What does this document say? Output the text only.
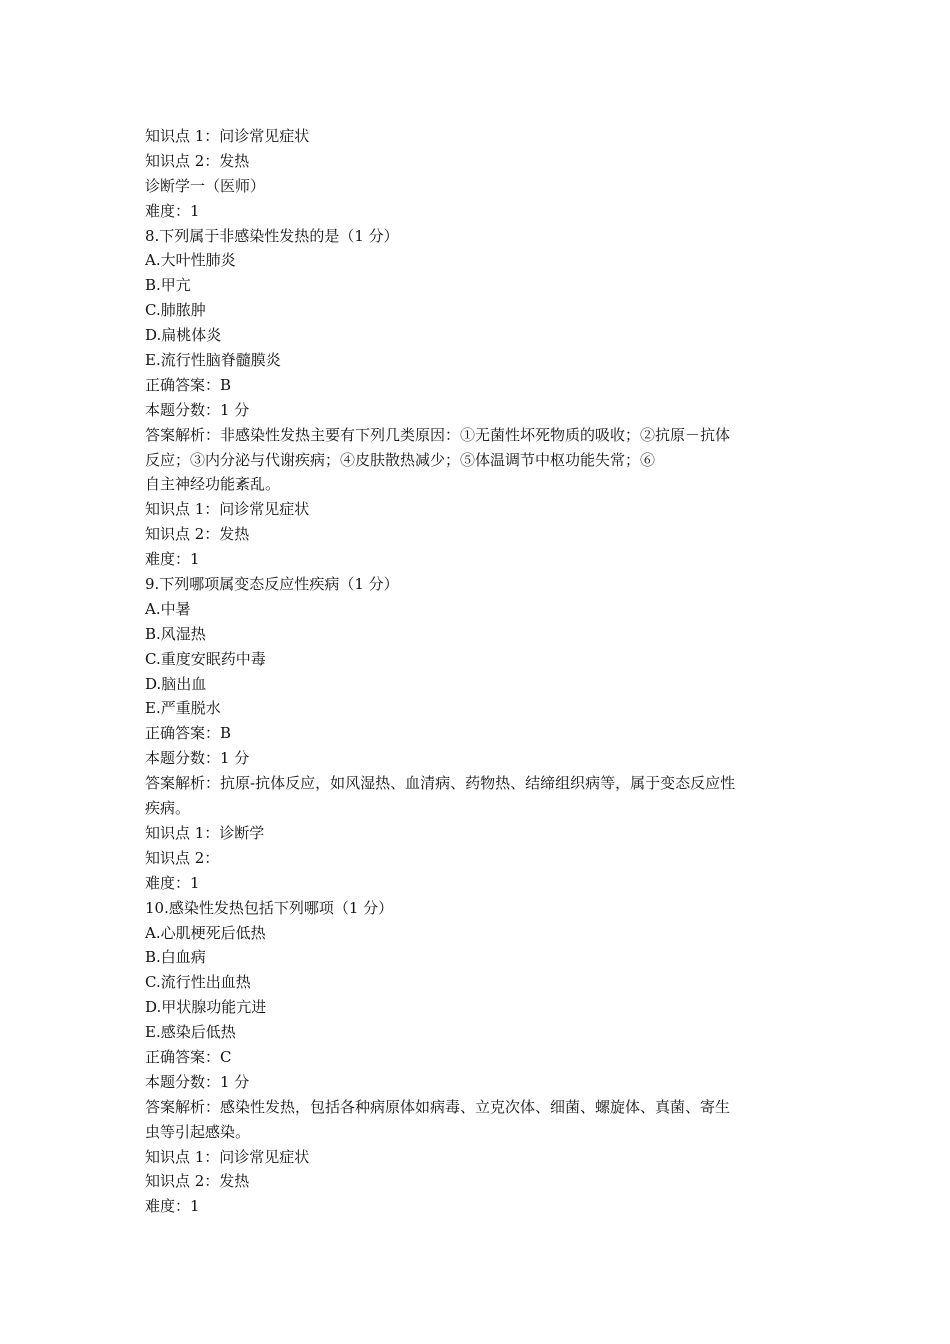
知识点 1：问诊常见症状
知识点 2：发热
诊断学一（医师）
难度：1
8.下列属于非感染性发热的是（1 分）
A.大叶性肺炎
B.甲亢
C.肺脓肿
D.扁桃体炎
E.流行性脑脊髓膜炎
正确答案：B
本题分数：1 分
答案解析：非感染性发热主要有下列几类原因：①无菌性坏死物质的吸收；②抗原－抗体
反应；③内分泌与代谢疾病；④皮肤散热减少；⑤体温调节中枢功能失常；⑥
自主神经功能紊乱。
知识点 1：问诊常见症状
知识点 2：发热
难度：1
9.下列哪项属变态反应性疾病（1 分）
A.中暑
B.风湿热
C.重度安眠药中毒
D.脑出血
E.严重脱水
正确答案：B
本题分数：1 分
答案解析：抗原-抗体反应，如风湿热、血清病、药物热、结缔组织病等，属于变态反应性
疾病。
知识点 1：诊断学
知识点 2：
难度：1
10.感染性发热包括下列哪项（1 分）
A.心肌梗死后低热
B.白血病
C.流行性出血热
D.甲状腺功能亢进
E.感染后低热
正确答案：C
本题分数：1 分
答案解析：感染性发热，包括各种病原体如病毒、立克次体、细菌、螺旋体、真菌、寄生
虫等引起感染。
知识点 1：问诊常见症状
知识点 2：发热
难度：1
